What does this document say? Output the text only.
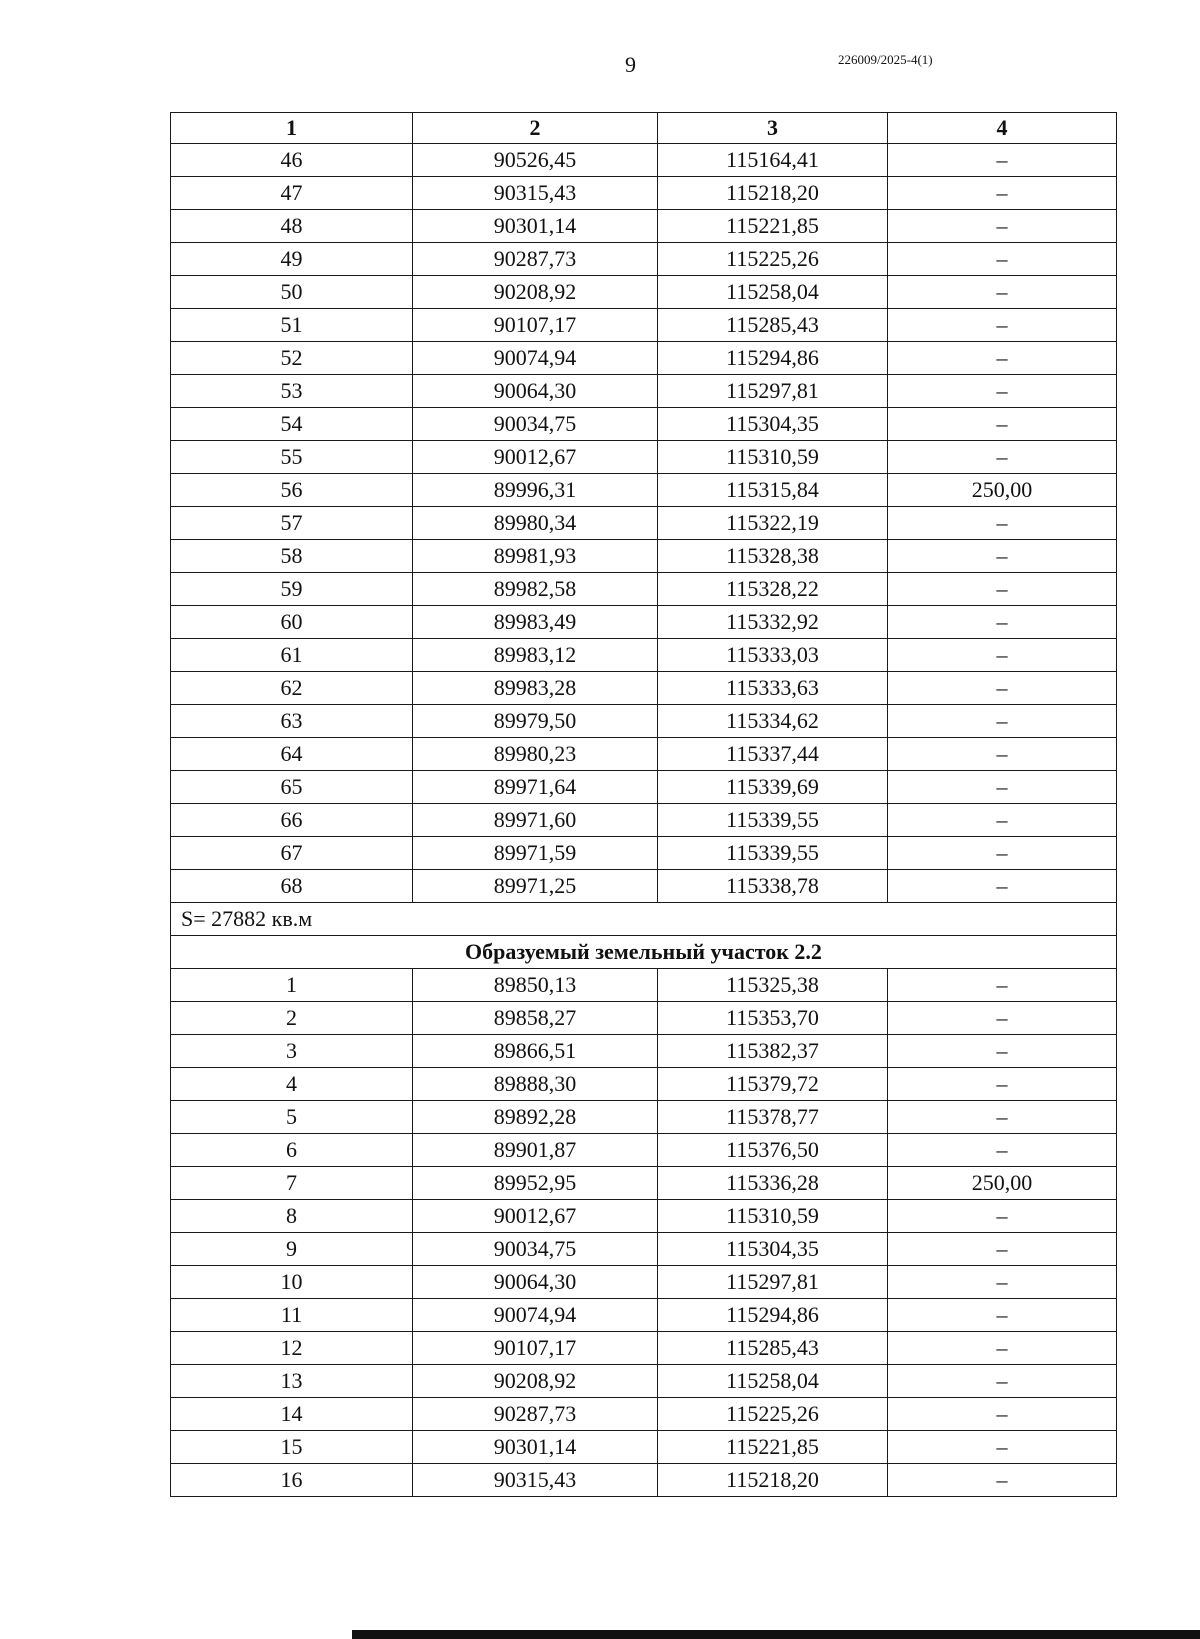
9	226009/2025-4(1)
1	2	3	4
46	90526,45	115164,41	–
47	90315,43	115218,20	–
48	90301,14	115221,85	–
49	90287,73	115225,26	–
50	90208,92	115258,04	–
51	90107,17	115285,43	–
52	90074,94	115294,86	–
53	90064,30	115297,81	–
54	90034,75	115304,35	–
55	90012,67	115310,59	–
56	89996,31	115315,84	250,00
57	89980,34	115322,19	–
58	89981,93	115328,38	–
59	89982,58	115328,22	–
60	89983,49	115332,92	–
61	89983,12	115333,03	–
62	89983,28	115333,63	–
63	89979,50	115334,62	–
64	89980,23	115337,44	–
65	89971,64	115339,69	–
66	89971,60	115339,55	–
67	89971,59	115339,55	–
68	89971,25	115338,78	–
S= 27882 кв.м			
Образуемый земельный участок 2.2			
1	89850,13	115325,38	–
2	89858,27	115353,70	–
3	89866,51	115382,37	–
4	89888,30	115379,72	–
5	89892,28	115378,77	–
6	89901,87	115376,50	–
7	89952,95	115336,28	250,00
8	90012,67	115310,59	–
9	90034,75	115304,35	–
10	90064,30	115297,81	–
11	90074,94	115294,86	–
12	90107,17	115285,43	–
13	90208,92	115258,04	–
14	90287,73	115225,26	–
15	90301,14	115221,85	–
16	90315,43	115218,20	–
